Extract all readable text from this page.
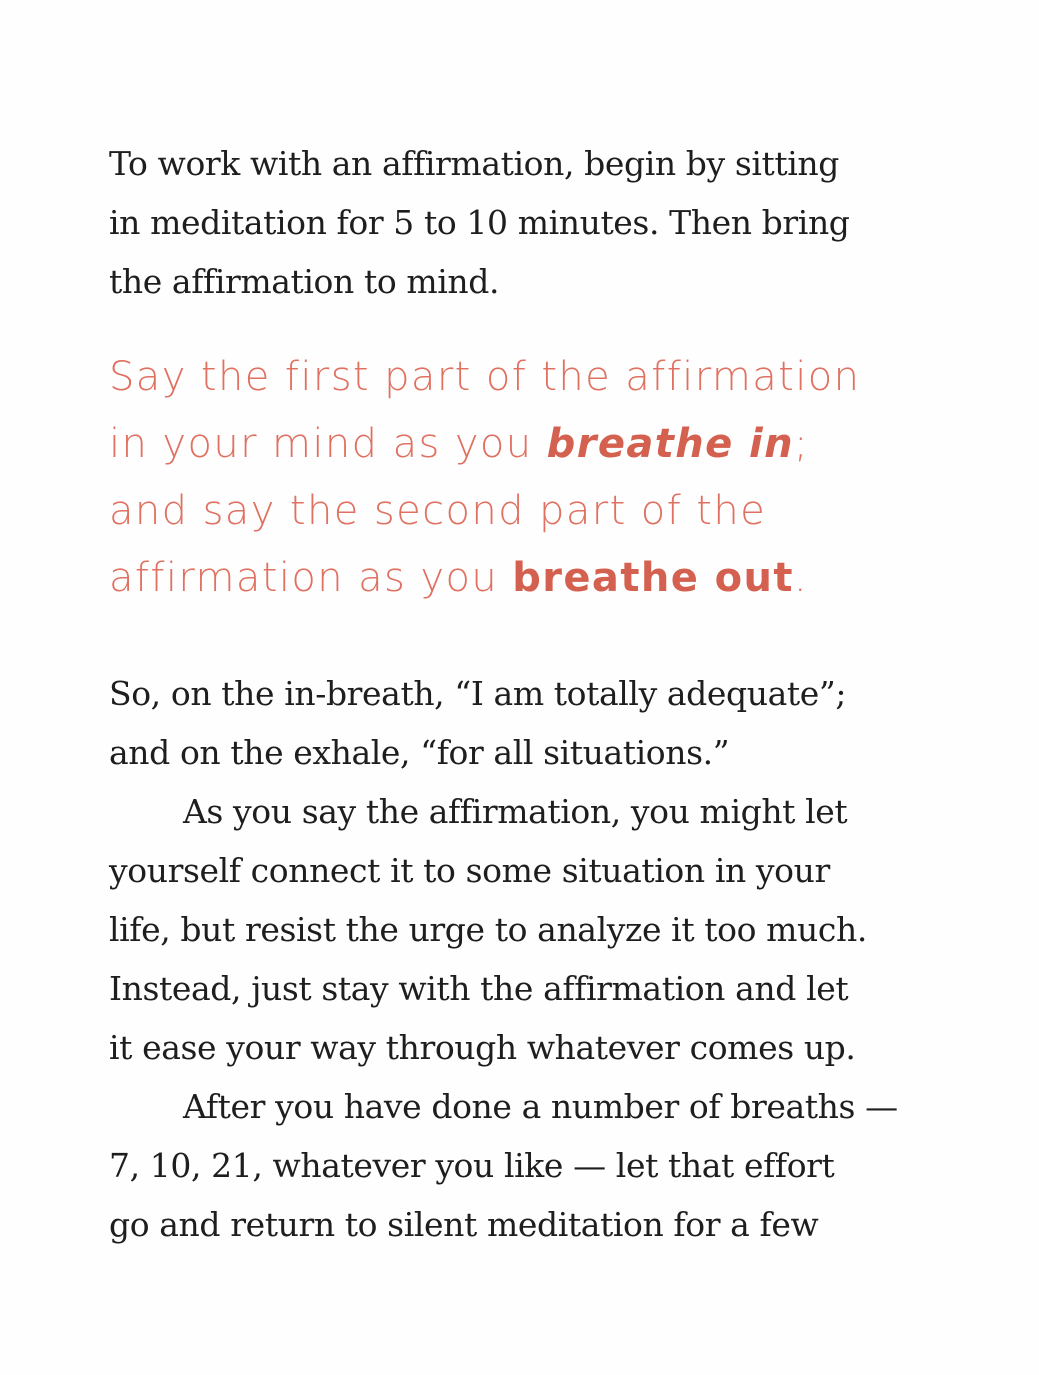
To work with an affirmation, begin by sitting
in meditation for 5 to 10 minutes. Then bring
the affirmation to mind.

Say the first part of the affirmation
in your mind as you breathe in;
and say the second part of the
affirmation as you breathe out.

So, on the in-breath, “I am totally adequate”;
and on the exhale, “for all situations.”
As you say the affirmation, you might let
yourself connect it to some situation in your
life, but resist the urge to analyze it too much.
Instead, just stay with the affirmation and let
it ease your way through whatever comes up.
After you have done a number of breaths —
7, 10, 21, whatever you like — let that effort
go and return to silent meditation for a few
